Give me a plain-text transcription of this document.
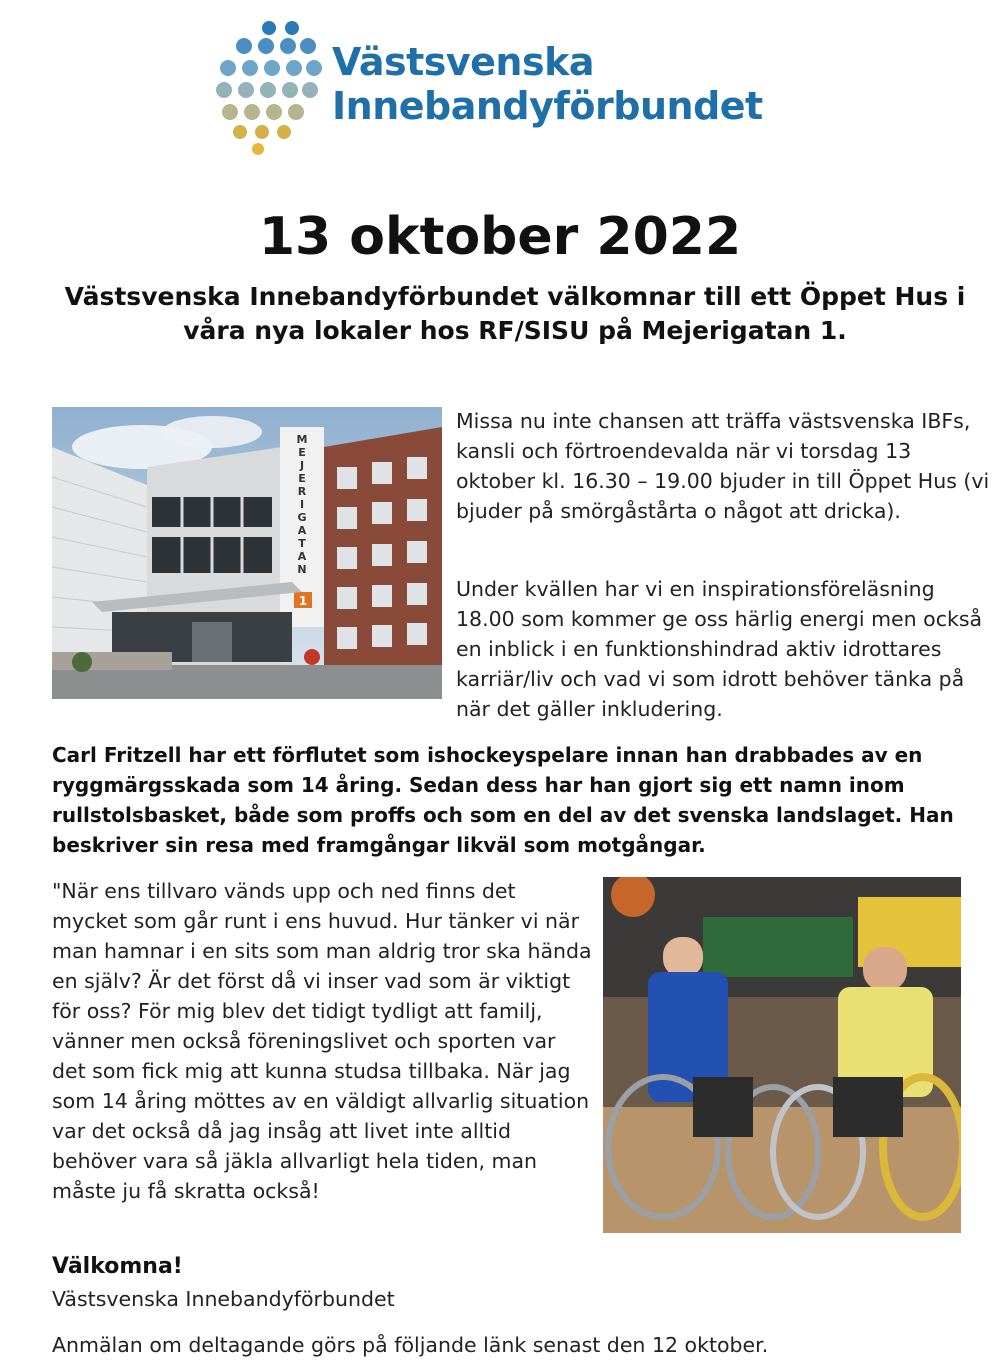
Västsvenska
Innebandyförbundet
13 oktober 2022
Västsvenska Innebandyförbundet välkomnar till ett Öppet Hus i våra nya lokaler hos RF/SISU på Mejerigatan 1.
M E J E R I G A T A N
1
Missa nu inte chansen att träffa västsvenska IBFs, kansli och förtroendevalda när vi torsdag 13 oktober kl. 16.30 – 19.00 bjuder in till Öppet Hus (vi bjuder på smörgåstårta o något att dricka).
Under kvällen har vi en inspirationsföreläsning 18.00 som kommer ge oss härlig energi men också en inblick i en funktionshindrad aktiv idrottares karriär/liv och vad vi som idrott behöver tänka på när det gäller inkludering.
Carl Fritzell har ett förflutet som ishockeyspelare innan han drabbades av en ryggmärgsskada som 14 åring. Sedan dess har han gjort sig ett namn inom rullstolsbasket, både som proffs och som en del av det svenska landslaget. Han beskriver sin resa med framgångar likväl som motgångar.
"När ens tillvaro vänds upp och ned finns det mycket som går runt i ens huvud. Hur tänker vi när man hamnar i en sits som man aldrig tror ska hända en själv? Är det först då vi inser vad som är viktigt för oss? För mig blev det tidigt tydligt att familj, vänner men också föreningslivet och sporten var det som fick mig att kunna studsa tillbaka. När jag som 14 åring möttes av en väldigt allvarlig situation var det också då jag insåg att livet inte alltid behöver vara så jäkla allvarligt hela tiden, man måste ju få skratta också!
Välkomna!
Västsvenska Innebandyförbundet
Anmälan om deltagande görs på följande länk senast den 12 oktober.
